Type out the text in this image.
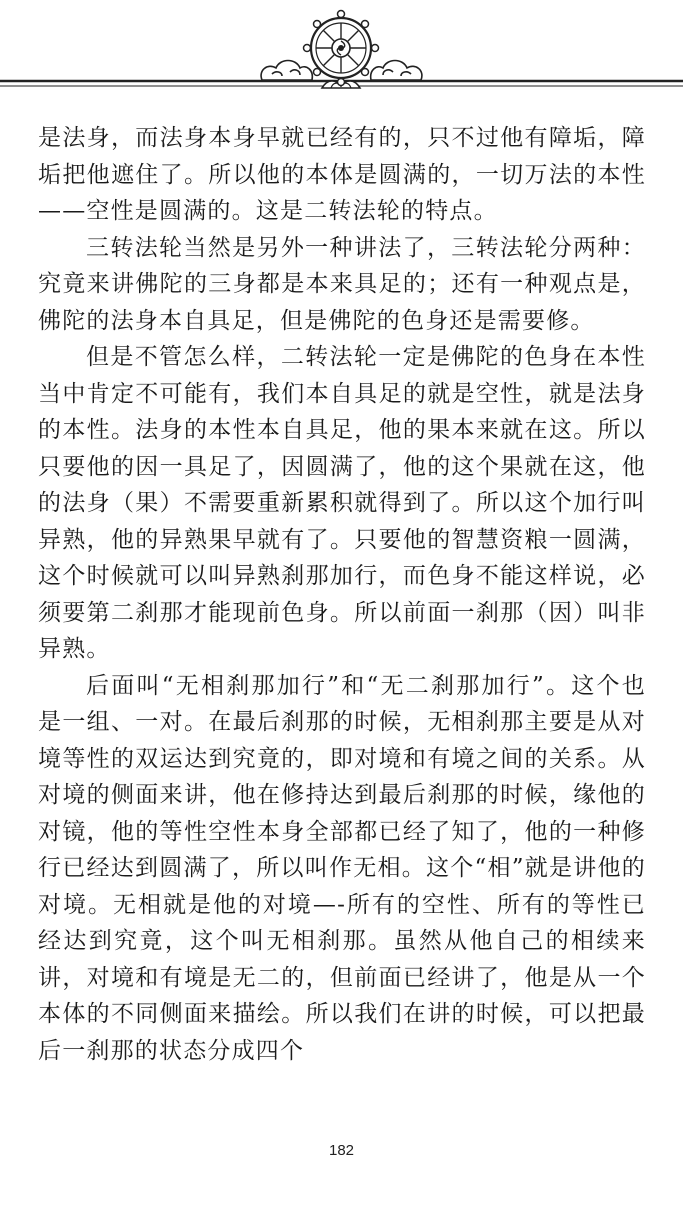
是法身，而法身本身早就已经有的，只不过他有障垢，障垢把他遮住了。所以他的本体是圆满的，一切万法的本性——空性是圆满的。这是二转法轮的特点。

三转法轮当然是另外一种讲法了，三转法轮分两种：究竟来讲佛陀的三身都是本来具足的；还有一种观点是，佛陀的法身本自具足，但是佛陀的色身还是需要修。

但是不管怎么样，二转法轮一定是佛陀的色身在本性当中肯定不可能有，我们本自具足的就是空性，就是法身的本性。法身的本性本自具足，他的果本来就在这。所以只要他的因一具足了，因圆满了，他的这个果就在这，他的法身（果）不需要重新累积就得到了。所以这个加行叫异熟，他的异熟果早就有了。只要他的智慧资粮一圆满，这个时候就可以叫异熟刹那加行，而色身不能这样说，必须要第二刹那才能现前色身。所以前面一刹那（因）叫非异熟。

后面叫“无相刹那加行”和“无二刹那加行”。这个也是一组、一对。在最后刹那的时候，无相刹那主要是从对境等性的双运达到究竟的，即对境和有境之间的关系。从对境的侧面来讲，他在修持达到最后刹那的时候，缘他的对镜，他的等性空性本身全部都已经了知了，他的一种修行已经达到圆满了，所以叫作无相。这个“相”就是讲他的对境。无相就是他的对境—-所有的空性、所有的等性已经达到究竟，这个叫无相刹那。虽然从他自己的相续来讲，对境和有境是无二的，但前面已经讲了，他是从一个本体的不同侧面来描绘。所以我们在讲的时候，可以把最后一刹那的状态分成四个

182
